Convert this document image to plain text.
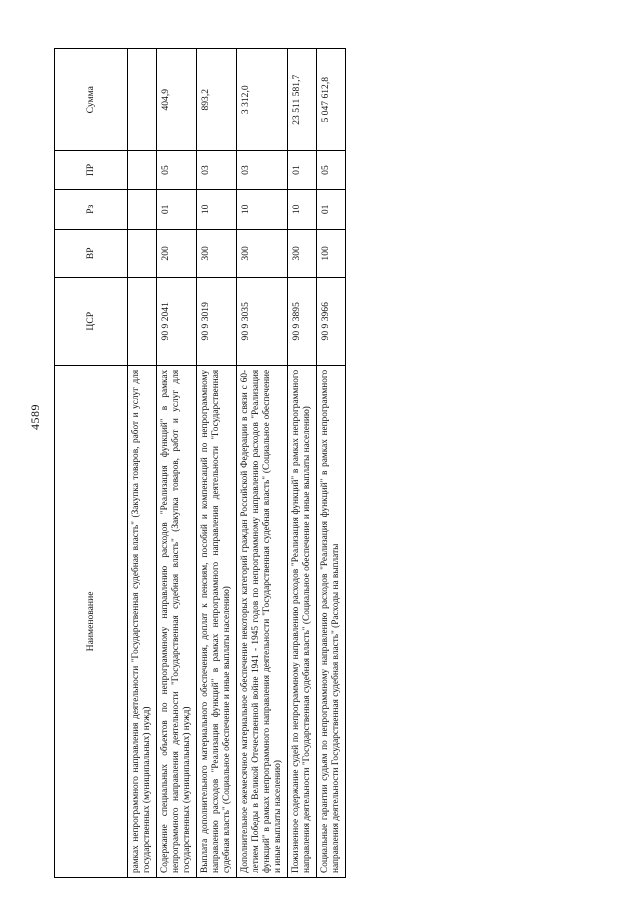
4589
Наименование	ЦСР	ВР	Рз	ПР	Сумма
рамках непрограммного направления деятельности "Государственная судебная власть" (Закупка товаров, работ и услуг для государственных (муниципальных) нужд)					
Содержание специальных объектов по непрограммному направлению расходов "Реализация функций" в рамках непрограммного направления деятельности "Государственная судебная власть" (Закупка товаров, работ и услуг для государственных (муниципальных) нужд)	90 9 2041	200	01	05	404,9
Выплата дополнительного материального обеспечения, доплат к пенсиям, пособий и компенсаций по непрограммному направлению расходов "Реализация функций" в рамках непрограммного направления деятельности "Государственная судебная власть" (Социальное обеспечение и иные выплаты населению)	90 9 3019	300	10	03	893,2
Дополнительное ежемесячное материальное обеспечение некоторых категорий граждан Российской Федерации в связи с 60-летием Победы в Великой Отечественной войне 1941 - 1945 годов по непрограммному направлению расходов "Реализация функций" в рамках непрограммного направления деятельности "Государственная судебная власть" (Социальное обеспечение и иные выплаты населению)	90 9 3035	300	10	03	3 312,0
Пожизненное содержание судей по непрограммному направлению расходов "Реализация функций" в рамках непрограммного направления деятельности "Государственная судебная власть" (Социальное обеспечение и иные выплаты населению)	90 9 3895	300	10	01	23 511 581,7
Социальные гарантии судьям по непрограммному направлению расходов "Реализация функций" в рамках непрограммного направления деятельности Государственная судебная власть" (Расходы на выплаты	90 9 3966	100	01	05	5 047 612,8
